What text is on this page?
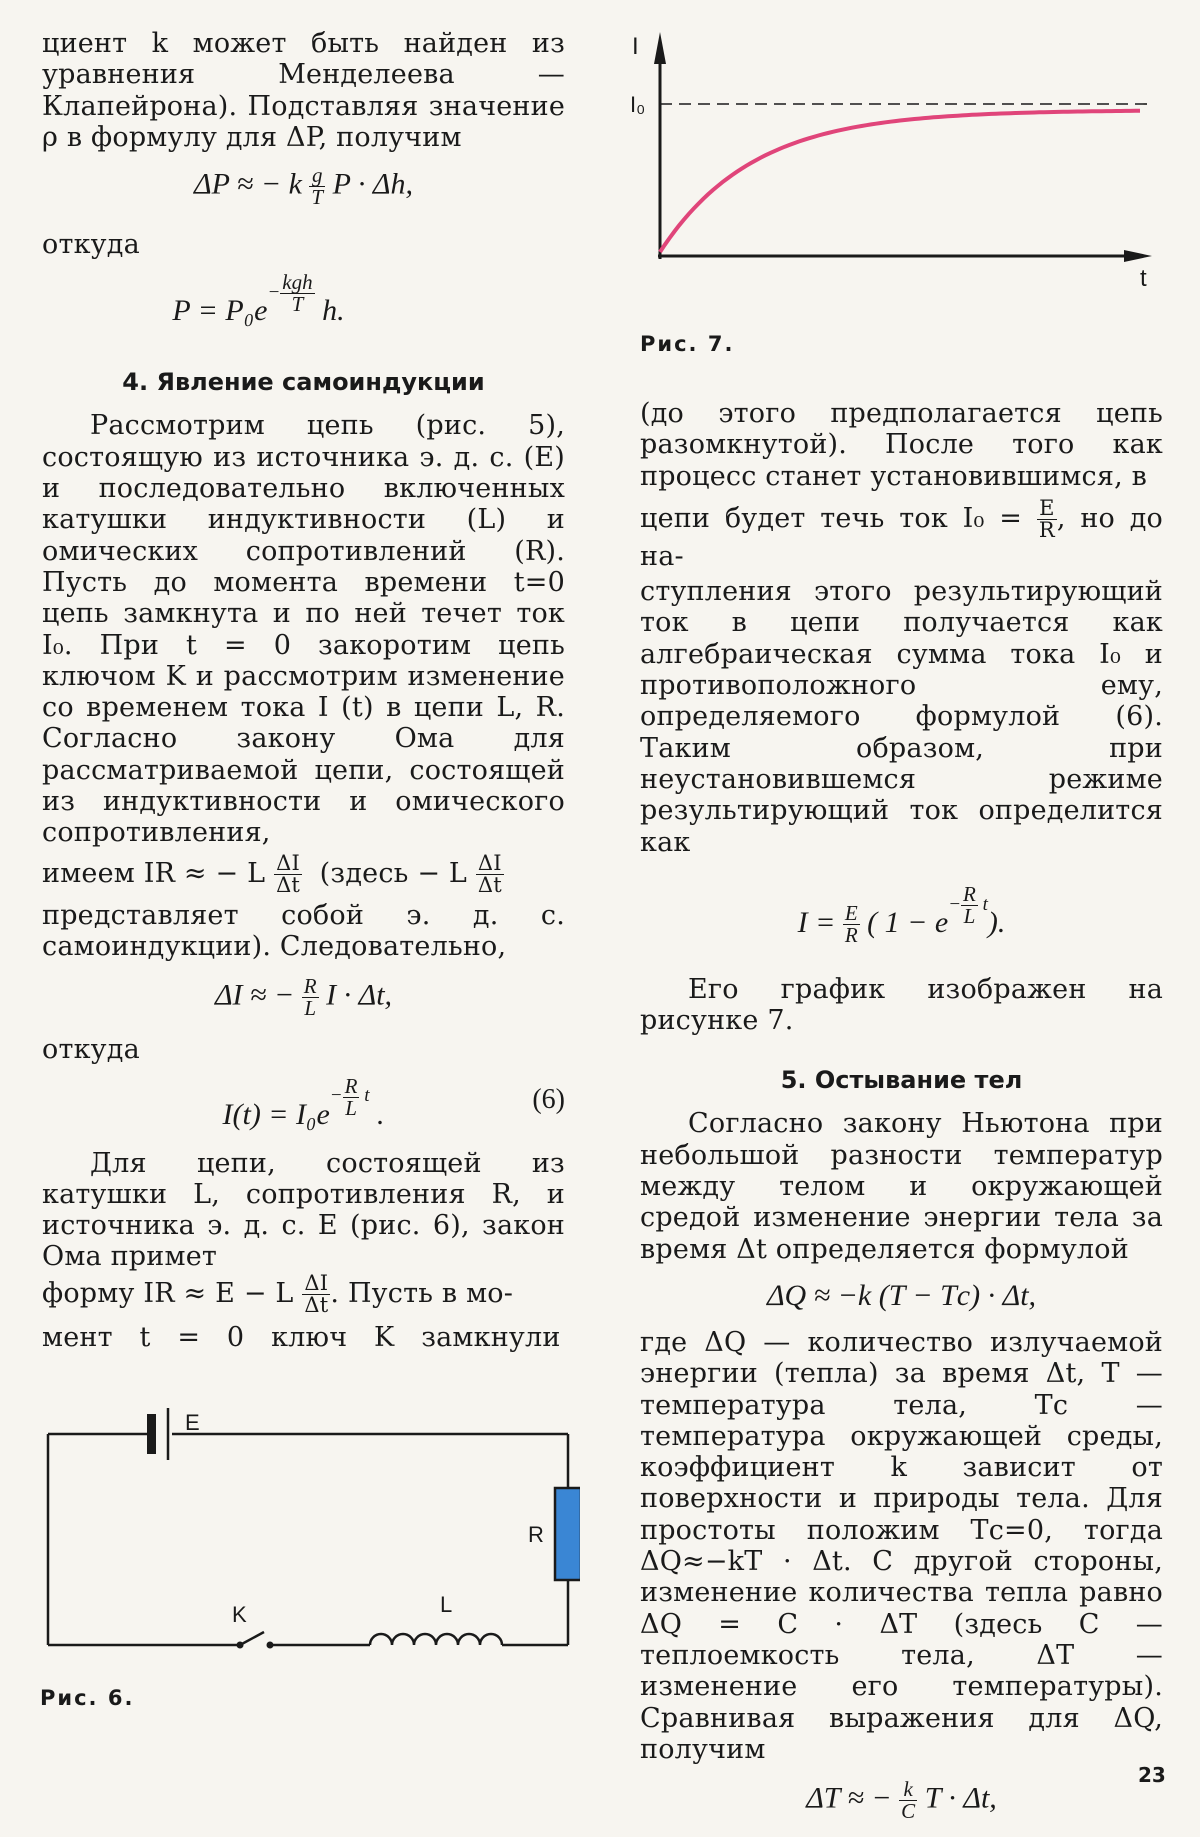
циент k может быть найден из уравнения Менделеева — Клапейрона). Подставляя значение ρ в формулу для ΔP, получим

ΔP ≈ − k $\frac{g}{T}$ P · Δh,

откуда

$P = P_0e^{- \frac{\text{kgh}}{T}}$ h.

4. Явление самоиндукции

Рассмотрим цепь (рис. 5), состоящую из источника э. д. с. (E) и последовательно включенных катушки индуктивности (L) и омических сопротивлений (R). Пусть до момента времени t=0 цепь замкнута и по ней течет ток I₀. При t = 0 закоротим цепь ключом K и рассмотрим изменение со временем тока I (t) в цепи L, R. Согласно закону Ома для рассматриваемой цепи, состоящей из индуктивности и омического сопротивления,

имеем IR ≈ − L $\frac{\Delta I}{\Delta t}$ (здесь − L $\frac{\Delta I}{\Delta t}$

представляет собой э. д. с. самоиндукции). Следовательно,

ΔI ≈ − $\frac{R}{L}$ I · Δt,

откуда

$I(t) = I_0e^{- \frac{R}{L} t}$ .	(6)

Для цепи, состоящей из катушки L, сопротивления R, и источника э. д. с. E (рис. 6), закон Ома примет

форму IR ≈ E − L $\frac{\Delta I}{\Delta t}$ . Пусть в мо-

мент t = 0 ключ K замкнули

E
R
K	L

Рис. 6.

I
I₀
t

Рис. 7.

(до этого предполагается цепь разомкнутой). После того как процесс станет установившимся, в

цепи будет течь ток $I_0 = \frac{E}{R}$ , но до на-

ступления этого результирующий ток в цепи получается как алгебраическая сумма тока I₀ и противоположного ему, определяемого формулой (6). Таким образом, при неустановившемся режиме результирующий ток определится как

$I = \frac{E}{R}$ ( $1 - e^{- \frac{R}{L} t}$).

Его график изображен на рисунке 7.

5. Остывание тел

Согласно закону Ньютона при небольшой разности температур между телом и окружающей средой изменение энергии тела за время Δt определяется формулой

ΔQ ≈ −k (T − Tс) · Δt,

где ΔQ — количество излучаемой энергии (тепла) за время Δt, T — температура тела, Tс — температура окружающей среды, коэффициент k зависит от поверхности и природы тела. Для простоты положим Tс=0, тогда ΔQ≈−kT · Δt. С другой стороны, изменение количества тепла равно ΔQ = C · ΔT (здесь C — теплоемкость тела, ΔT — изменение его температуры). Сравнивая выражения для ΔQ, получим

ΔT ≈ − $\frac{k}{C}$ T · Δt,

23
